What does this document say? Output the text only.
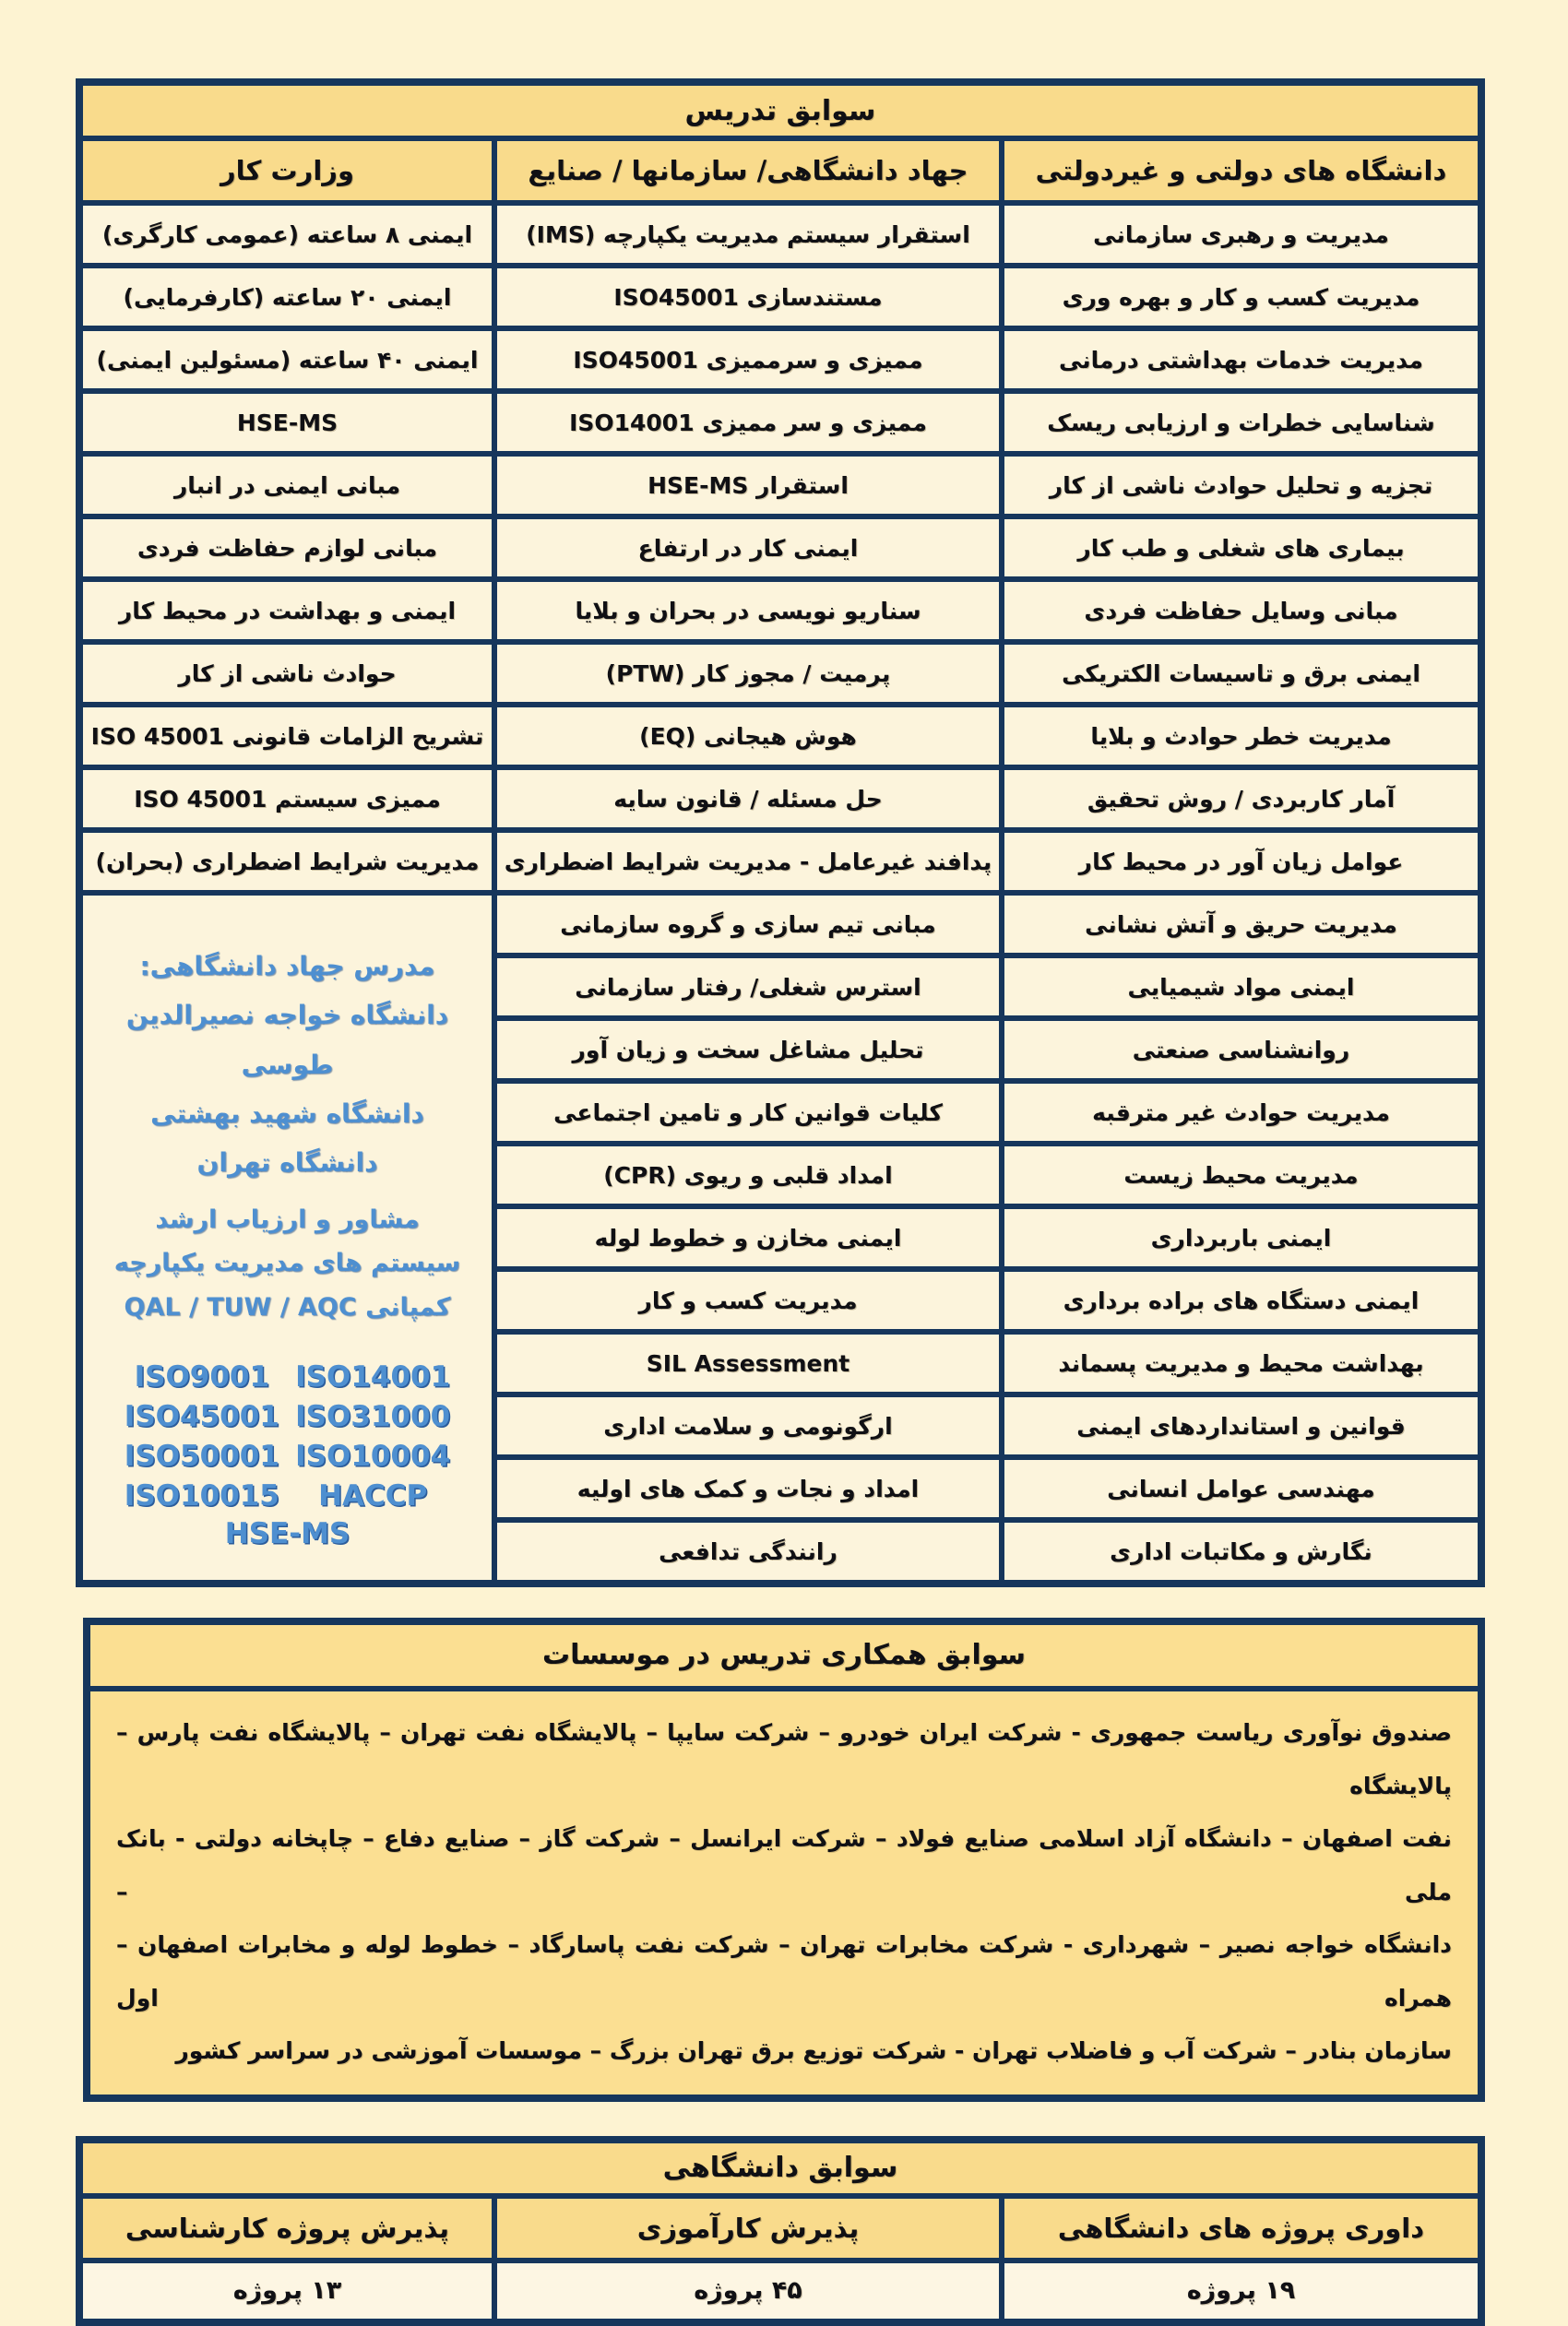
سوابق تدریس		
دانشگاه های دولتی و غیردولتی	جهاد دانشگاهی/ سازمانها / صنایع	وزارت کار
مدیریت و رهبری سازمانی	استقرار سیستم مدیریت یکپارچه (IMS)	ایمنی ۸ ساعته (عمومی کارگری)
مدیریت کسب و کار و بهره وری	مستندسازی ISO45001	ایمنی ۲۰ ساعته (کارفرمایی)
مدیریت خدمات بهداشتی درمانی	ممیزی و سرممیزی ISO45001	ایمنی ۴۰ ساعته (مسئولین ایمنی)
شناسایی خطرات و ارزیابی ریسک	ممیزی و سر ممیزی ISO14001	HSE-MS
تجزیه و تحلیل حوادث ناشی از کار	استقرار HSE-MS	مبانی ایمنی در انبار
بیماری های شغلی و طب کار	ایمنی کار در ارتفاع	مبانی لوازم حفاظت فردی
مبانی وسایل حفاظت فردی	سناریو نویسی در بحران و بلایا	ایمنی و بهداشت در محیط کار
ایمنی برق و تاسیسات الکتریکی	پرمیت / مجوز کار (PTW)	حوادث ناشی از کار
مدیریت خطر حوادث و بلایا	هوش هیجانی (EQ)	تشریح الزامات قانونی ISO 45001
آمار کاربردی / روش تحقیق	حل مسئله / قانون سایه	ممیزی سیستم ISO 45001
عوامل زیان آور در محیط کار	پدافند غیرعامل - مدیریت شرایط اضطراری	مدیریت شرایط اضطراری (بحران)
مدیریت حریق و آتش نشانی	مبانی تیم سازی و گروه سازمانی	
مدرس جهاد دانشگاهی:
دانشگاه خواجه نصیرالدین طوسی
دانشگاه شهید بهشتی
دانشگاه تهران
مشاور و ارزیاب ارشد
سیستم های مدیریت یکپارچه
کمپانی QAL / TUW / AQC
ISO9001 ISO14001
ISO45001 ISO31000
ISO50001 ISO10004
ISO10015	HACCP
HSE-MS

ایمنی مواد شیمیایی	استرس شغلی/ رفتار سازمانی	
روانشناسی صنعتی	تحلیل مشاغل سخت و زیان آور	
مدیریت حوادث غیر مترقبه	کلیات قوانین کار و تامین اجتماعی	
مدیریت محیط زیست	امداد قلبی و ریوی (CPR)	
ایمنی باربرداری	ایمنی مخازن و خطوط لوله	
ایمنی دستگاه های براده برداری	مدیریت کسب و کار	
بهداشت محیط و مدیریت پسماند	SIL Assessment	
قوانین و استانداردهای ایمنی	ارگونومی و سلامت اداری	
مهندسی عوامل انسانی	امداد و نجات و کمک های اولیه	
نگارش و مکاتبات اداری	رانندگی تدافعی	
سوابق همکاری تدریس در موسسات
صندوق نوآوری ریاست جمهوری - شرکت ایران خودرو – شرکت سایپا – پالایشگاه نفت تهران – پالایشگاه نفت پارس – پالایشگاه
نفت اصفهان – دانشگاه آزاد اسلامی صنایع فولاد – شرکت ایرانسل – شرکت گاز – صنایع دفاع – چاپخانه دولتی - بانک ملی –
دانشگاه خواجه نصیر – شهرداری - شرکت مخابرات تهران – شرکت نفت پاسارگاد – خطوط لوله و مخابرات اصفهان – همراه اول
سازمان بنادر – شرکت آب و فاضلاب تهران - شرکت توزیع برق تهران بزرگ – موسسات آموزشی در سراسر کشور
سوابق دانشگاهی		
داوری پروژه های دانشگاهی	پذیرش کارآموزی	پذیرش پروژه کارشناسی
۱۹ پروژه	۴۵ پروژه	۱۳ پروژه
